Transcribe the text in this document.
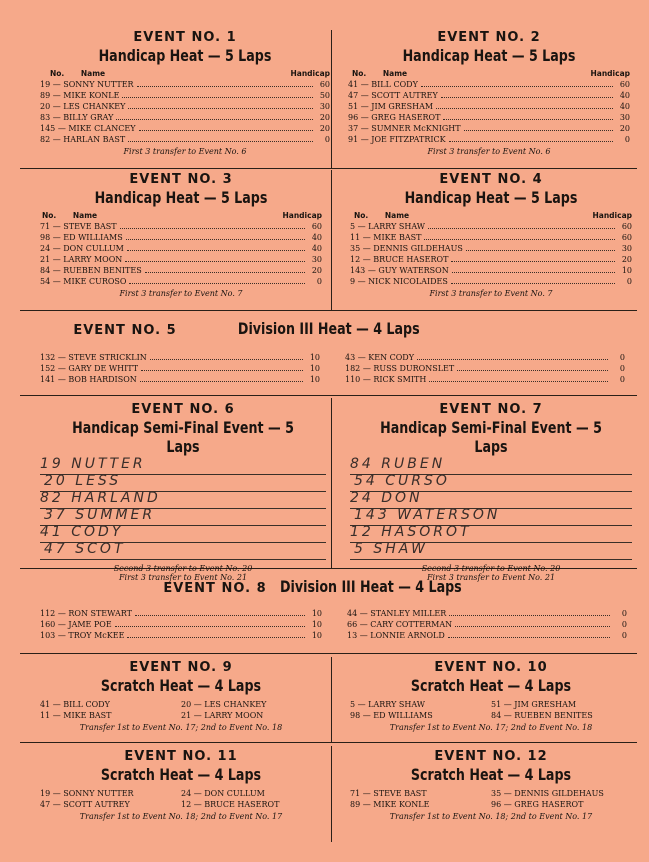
EVENT NO. 1
Handicap Heat — 5 Laps
No. Name	Handicap
19 — SONNY NUTTER	60
89 — MIKE KONLE	50
20 — LES CHANKEY	30
83 — BILLY GRAY	20
145 — MIKE CLANCEY	20
82 — HARLAN BAST	0
First 3 transfer to Event No. 6
EVENT NO. 2
Handicap Heat — 5 Laps
No. Name	Handicap
41 — BILL CODY	60
47 — SCOTT AUTREY	40
51 — JIM GRESHAM	40
96 — GREG HASEROT	30
37 — SUMNER McKNIGHT	20
91 — JOE FITZPATRICK	0
First 3 transfer to Event No. 6
EVENT NO. 3
Handicap Heat — 5 Laps
No. Name	Handicap
71 — STEVE BAST	60
98 — ED WILLIAMS	40
24 — DON CULLUM	40
21 — LARRY MOON	30
84 — RUEBEN BENITES	20
54 — MIKE CUROSO	0
First 3 transfer to Event No. 7
EVENT NO. 4
Handicap Heat — 5 Laps
No. Name	Handicap
5 — LARRY SHAW	60
11 — MIKE BAST	60
35 — DENNIS GILDEHAUS	30
12 — BRUCE HASEROT	20
143 — GUY WATERSON	10
9 — NICK NICOLAIDES	0
First 3 transfer to Event No. 7
EVENT NO. 5	Division III Heat — 4 Laps
132 — STEVE STRICKLIN	10
152 — GARY DE WHITT	10
141 — BOB HARDISON	10
43 — KEN CODY	0
182 — RUSS DURONSLET	0
110 — RICK SMITH	0
EVENT NO. 6
Handicap Semi-Final Event — 5 Laps
19 NUTTER
20 LESS
82 HARLAND
37 SUMMER
41 CODY
47 SCOT
Second 3 transfer to Event No. 20
First 3 transfer to Event No. 21
EVENT NO. 7
Handicap Semi-Final Event — 5 Laps
84 RUBEN
54 CURSO
24 DON
143 WATERSON
12 HASOROT
5 SHAW
Second 3 transfer to Event No. 20
First 3 transfer to Event No. 21
EVENT NO. 8 Division III Heat — 4 Laps
112 — RON STEWART	10
160 — JAME POE	10
103 — TROY McKEE	10
44 — STANLEY MILLER	0
66 — CARY COTTERMAN	0
13 — LONNIE ARNOLD	0
EVENT NO. 9
Scratch Heat — 4 Laps
41 — BILL CODY	20 — LES CHANKEY
11 — MIKE BAST	21 — LARRY MOON
Transfer 1st to Event No. 17; 2nd to Event No. 18
EVENT NO. 10
Scratch Heat — 4 Laps
5 — LARRY SHAW	51 — JIM GRESHAM
98 — ED WILLIAMS	84 — RUEBEN BENITES
Transfer 1st to Event No. 17; 2nd to Event No. 18
EVENT NO. 11
Scratch Heat — 4 Laps
19 — SONNY NUTTER	24 — DON CULLUM
47 — SCOTT AUTREY	12 — BRUCE HASEROT
Transfer 1st to Event No. 18; 2nd to Event No. 17
EVENT NO. 12
Scratch Heat — 4 Laps
71 — STEVE BAST	35 — DENNIS GILDEHAUS
89 — MIKE KONLE	96 — GREG HASEROT
Transfer 1st to Event No. 18; 2nd to Event No. 17
